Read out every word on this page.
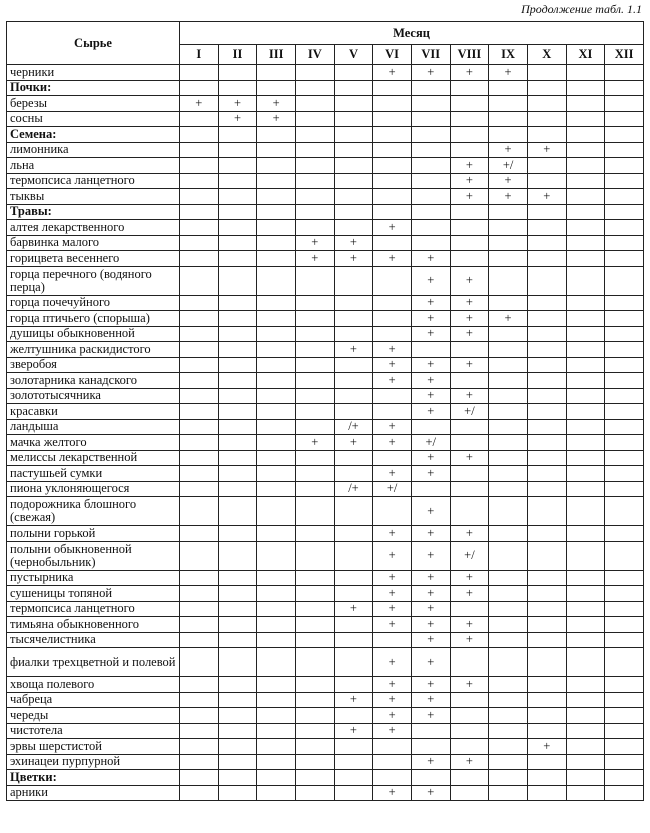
Продолжение табл. 1.1
Сырье	Месяц											
	I	II	III	IV	V	VI	VII	VIII	IX	X	XI	XII
черники						+	+	+	+			
Почки:												
березы	+	+	+									
сосны		+	+									
Семена:												
лимонника									+	+		
льна								+	+/			
термопсиса ланцетного								+	+			
тыквы								+	+	+		
Травы:												
алтея лекарственного						+						
барвинка малого				+	+							
горицвета весеннего				+	+	+	+					
горца перечного (водяного перца)							+	+				
горца почечуйного							+	+				
горца птичьего (спорыша)							+	+	+			
душицы обыкновенной							+	+				
желтушника раскидистого					+	+						
зверобоя						+	+	+				
золотарника канадского						+	+					
золототысячника							+	+				
красавки							+	+/				
ландыша					/+	+						
мачка желтого				+	+	+	+/					
мелиссы лекарственной							+	+				
пастушьей сумки						+	+					
пиона уклоняющегося					/+	+/						
подорожника блошного (свежая)							+					
полыни горькой						+	+	+				
полыни обыкновенной (чернобыльник)						+	+	+/				
пустырника						+	+	+				
сушеницы топяной						+	+	+				
термопсиса ланцетного					+	+	+					
тимьяна обыкновенного						+	+	+				
тысячелистника							+	+				
фиалки трехцветной и полевой						+	+					
хвоща полевого						+	+	+				
чабреца					+	+	+					
череды						+	+					
чистотела					+	+						
эрвы шерстистой										+		
эхинацеи пурпурной							+	+				
Цветки:												
арники						+	+					
